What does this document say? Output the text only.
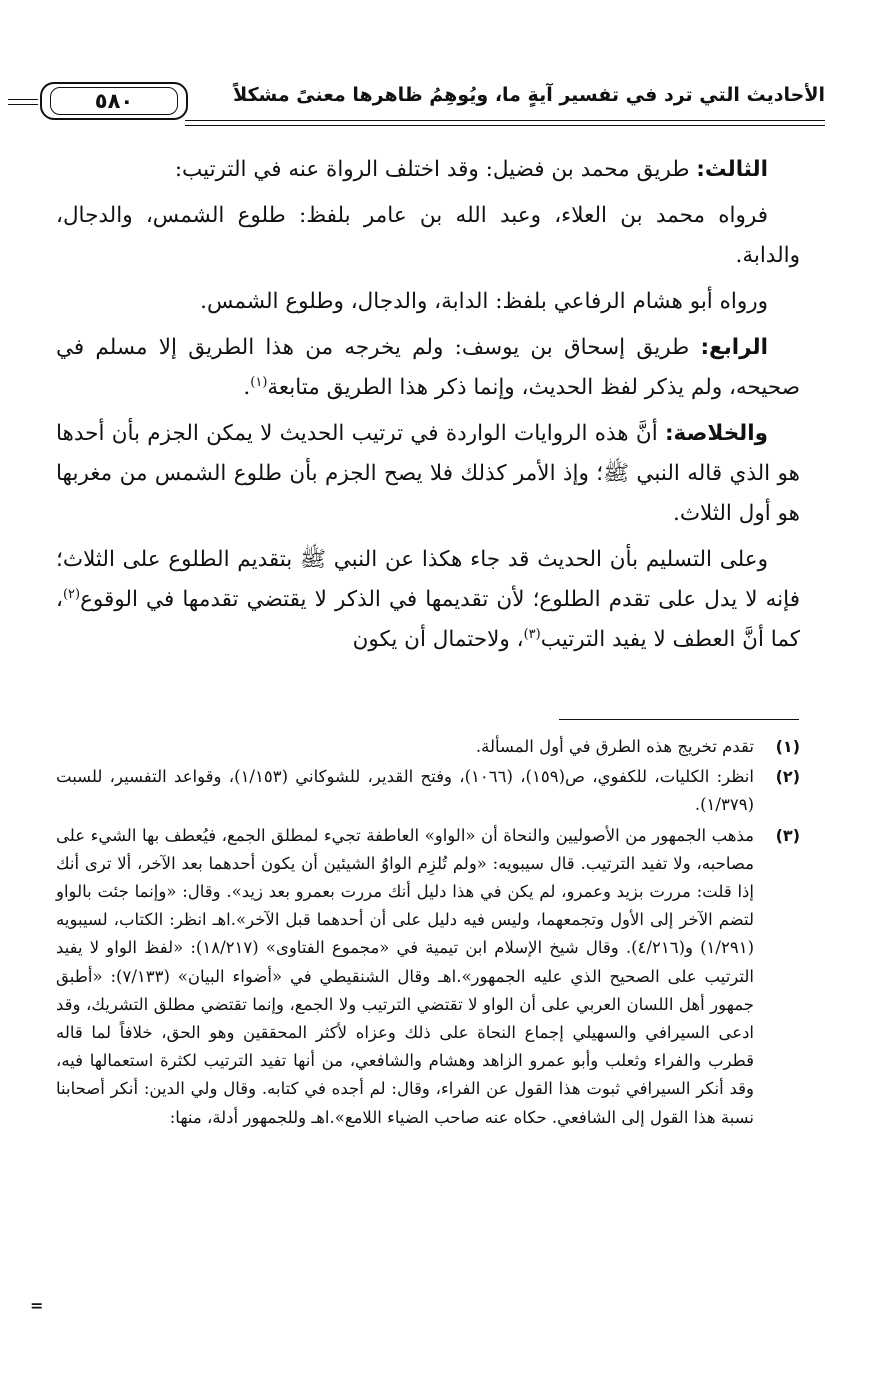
الأحاديث التي ترد في تفسير آيةٍ ما، ويُوهِمُ ظاهرها معنىً مشكلاً
٥٨٠

الثالث: طريق محمد بن فضيل: وقد اختلف الرواة عنه في الترتيب:

فرواه محمد بن العلاء، وعبد الله بن عامر بلفظ: طلوع الشمس، والدجال، والدابة.

ورواه أبو هشام الرفاعي بلفظ: الدابة، والدجال، وطلوع الشمس.

الرابع: طريق إسحاق بن يوسف: ولم يخرجه من هذا الطريق إلا مسلم في صحيحه، ولم يذكر لفظ الحديث، وإنما ذكر هذا الطريق متابعة$^{(١)}$.

والخلاصة: أنَّ هذه الروايات الواردة في ترتيب الحديث لا يمكن الجزم بأن أحدها هو الذي قاله النبي ﷺ؛ وإذ الأمر كذلك فلا يصح الجزم بأن طلوع الشمس من مغربها هو أول الثلاث.

وعلى التسليم بأن الحديث قد جاء هكذا عن النبي ﷺ بتقديم الطلوع على الثلاث؛ فإنه لا يدل على تقدم الطلوع؛ لأن تقديمها في الذكر لا يقتضي تقدمها في الوقوع$^{(٢)}$، كما أنَّ العطف لا يفيد الترتيب$^{(٣)}$، ولاحتمال أن يكون

(١)
تقدم تخريج هذه الطرق في أول المسألة.
(٢)
انظر: الكليات، للكفوي، ص(١٥٩)، (١٠٦٦)، وفتح القدير، للشوكاني (١/١٥٣)، وقواعد التفسير، للسبت (١/٣٧٩).
(٣)
مذهب الجمهور من الأصوليين والنحاة أن «الواو» العاطفة تجيء لمطلق الجمع، فيُعطف بها الشيء على مصاحبه، ولا تفيد الترتيب. قال سيبويه: «ولم تُلزِم الواوُ الشيئين أن يكون أحدهما بعد الآخر، ألا ترى أنك إذا قلت: مررت بزيد وعمرو، لم يكن في هذا دليل أنك مررت بعمرو بعد زيد». وقال: «وإنما جئت بالواو لتضم الآخر إلى الأول وتجمعهما، وليس فيه دليل على أن أحدهما قبل الآخر».اهـ انظر: الكتاب، لسيبويه (١/٢٩١) و(٤/٢١٦). وقال شيخ الإسلام ابن تيمية في «مجموع الفتاوى» (١٨/٢١٧): «لفظ الواو لا يفيد الترتيب على الصحيح الذي عليه الجمهور».اهـ وقال الشنقيطي في «أضواء البيان» (٧/١٣٣): «أطبق جمهور أهل اللسان العربي على أن الواو لا تقتضي الترتيب ولا الجمع، وإنما تقتضي مطلق التشريك، وقد ادعى السيرافي والسهيلي إجماع النحاة على ذلك وعزاه لأكثر المحققين وهو الحق، خلافاً لما قاله قطرب والفراء وثعلب وأبو عمرو الزاهد وهشام والشافعي، من أنها تفيد الترتيب لكثرة استعمالها فيه، وقد أنكر السيرافي ثبوت هذا القول عن الفراء، وقال: لم أجده في كتابه. وقال ولي الدين: أنكر أصحابنا نسبة هذا القول إلى الشافعي. حكاه عنه صاحب الضياء اللامع».اهـ وللجمهور أدلة، منها:
=
